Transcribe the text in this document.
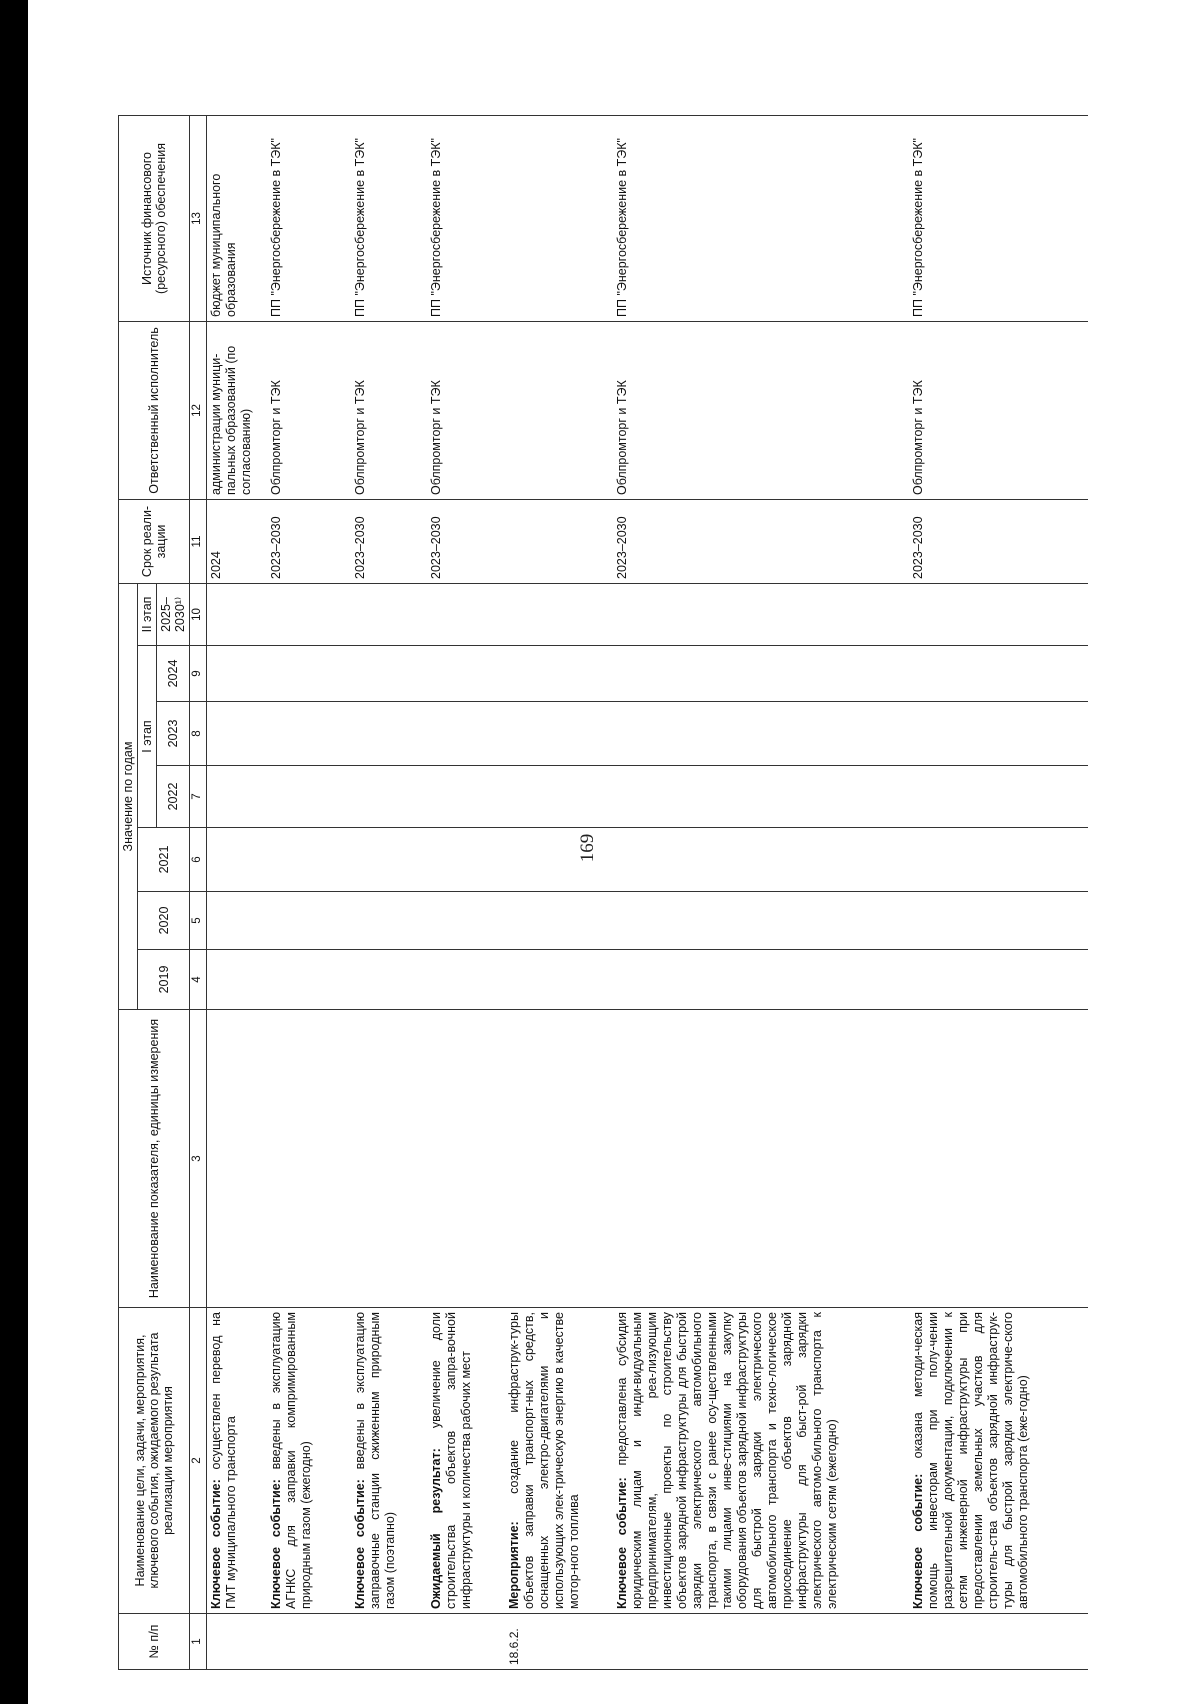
169
№ п/п	Наименование цели, задачи, мероприятия, ключевого события, ожидаемого результата реализации мероприятия	Наименование показателя, единицы измерения	Значение по годам							Срок реали-зации	Ответственный исполнитель	Источник финансового (ресурсного) обеспечения
			2019	2020	2021	I этап			II этап			
						2022	2023	2024	2025–2030¹⁾			
1	2	3	4	5	6	7	8	9	10	11	12	13
	Ключевое событие: осуществлен перевод на ГМТ муниципального транспорта									2024	администрации муници-пальных образований (по согласованию)	бюджет муниципального образования
	Ключевое событие: введены в эксплуатацию АГНКС для заправки компримированным природным газом (ежегодно)									2023–2030	Облпромторг и ТЭК	ПП "Энергосбережение в ТЭК"
	Ключевое событие: введены в эксплуатацию заправочные станции сжиженным природным газом (поэтапно)									2023–2030	Облпромторг и ТЭК	ПП "Энергосбережение в ТЭК"
	Ожидаемый результат: увеличение доли строительства объектов запра-вочной инфраструктуры и количества рабочих мест									2023–2030	Облпромторг и ТЭК	ПП "Энергосбережение в ТЭК"
18.6.2.	Мероприятие: создание инфраструк-туры объектов заправки транспорт-ных средств, оснащенных электро-двигателями и использующих элек-трическую энергию в качестве мотор-ного топлива											
	Ключевое событие: предоставлена субсидия юридическим лицам и инди-видуальным предпринимателям, реа-лизующим инвестиционные проекты по строительству объектов зарядной инфраструктуры для быстрой зарядки электрического автомобильного транспорта, в связи с ранее осу-ществленными такими лицами инве-стициями на закупку оборудования объектов зарядной инфраструктуры для быстрой зарядки электрического автомобильного транспорта и техно-логическое присоединение объектов зарядной инфраструктуры для быст-рой зарядки электрического автомо-бильного транспорта к электрическим сетям (ежегодно)									2023–2030	Облпромторг и ТЭК	ПП "Энергосбережение в ТЭК"
	Ключевое событие: оказана методи-ческая помощь инвесторам при полу-чении разрешительной документации, подключении к сетям инженерной инфраструктуры при предоставлении земельных участков для строитель-ства объектов зарядной инфраструк-туры для быстрой зарядки электриче-ского автомобильного транспорта (еже-годно)									2023–2030	Облпромторг и ТЭК	ПП "Энергосбережение в ТЭК"
